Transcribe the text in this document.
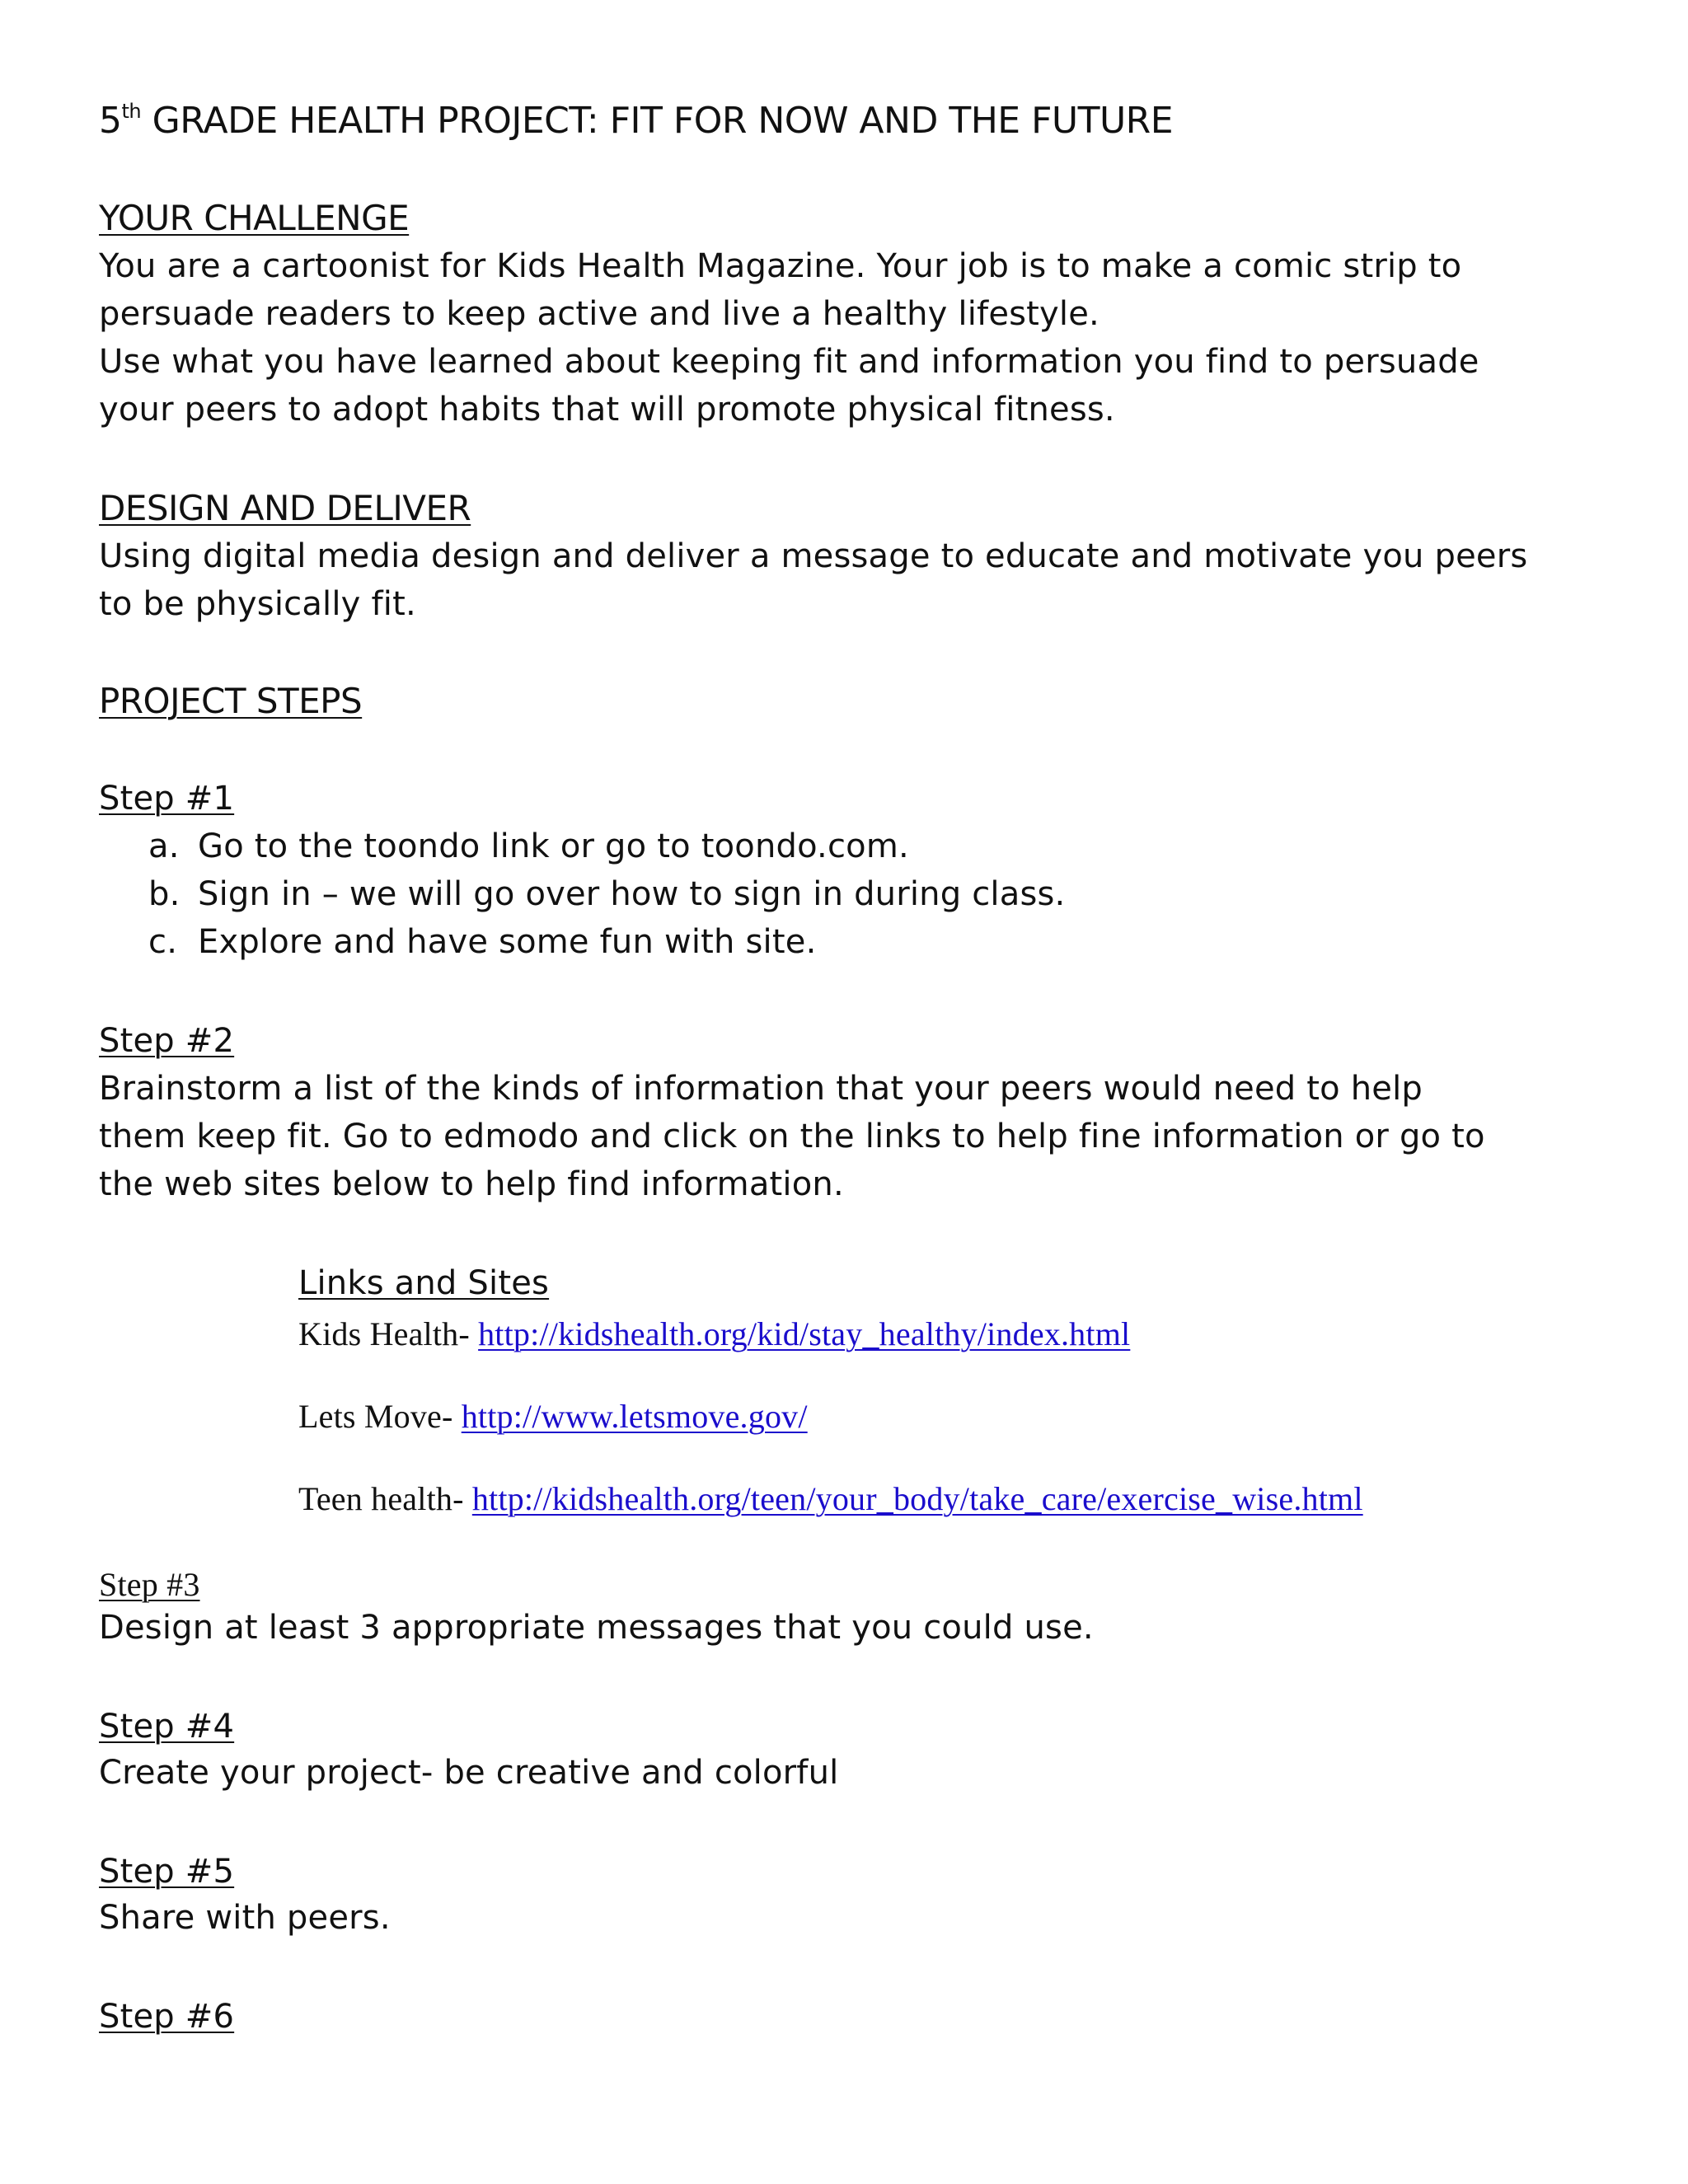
5th GRADE HEALTH PROJECT: FIT FOR NOW AND THE FUTURE
YOUR CHALLENGE
You are a cartoonist for Kids Health Magazine. Your job is to make a comic strip to
persuade readers to keep active and live a healthy lifestyle.
Use what you have learned about keeping fit and information you find to persuade
your peers to adopt habits that will promote physical fitness.
DESIGN AND DELIVER
Using digital media design and deliver a message to educate and motivate you peers
to be physically fit.
PROJECT STEPS
Step #1
a. Go to the toondo link or go to toondo.com.
b. Sign in – we will go over how to sign in during class.
c. Explore and have some fun with site.
Step #2
Brainstorm a list of the kinds of information that your peers would need to help
them keep fit. Go to edmodo and click on the links to help fine information or go to
the web sites below to help find information.
Links and Sites
Kids Health- http://kidshealth.org/kid/stay_healthy/index.html
Lets Move- http://www.letsmove.gov/
Teen health- http://kidshealth.org/teen/your_body/take_care/exercise_wise.html
Step #3
Design at least 3 appropriate messages that you could use.
Step #4
Create your project- be creative and colorful
Step #5
Share with peers.
Step #6
